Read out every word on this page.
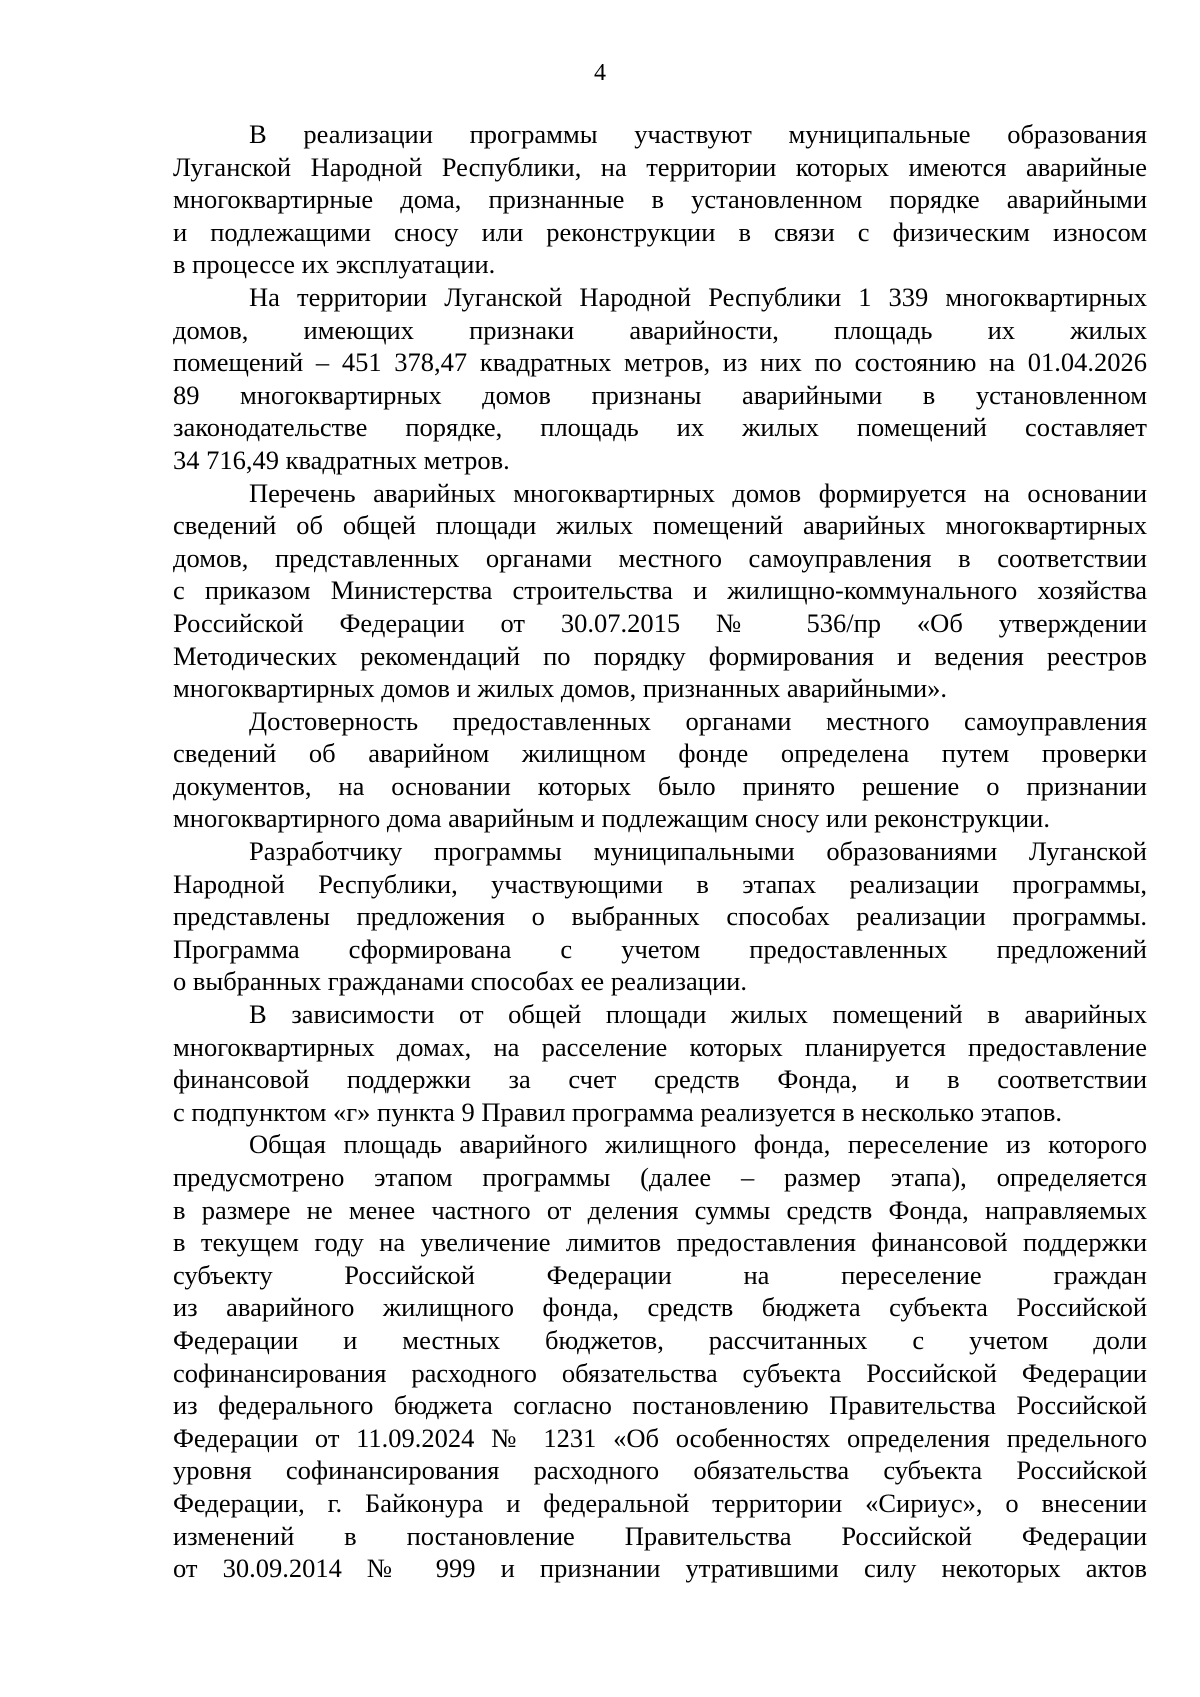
4
В реализации программы участвуют муниципальные образования
Луганской Народной Республики, на территории которых имеются аварийные
многоквартирные дома, признанные в установленном порядке аварийными
и подлежащими сносу или реконструкции в связи с физическим износом
в процессе их эксплуатации.
На территории Луганской Народной Республики 1 339 многоквартирных
домов, имеющих признаки аварийности, площадь их жилых
помещений – 451 378,47 квадратных метров, из них по состоянию на 01.04.2026
89 многоквартирных домов признаны аварийными в установленном
законодательстве порядке, площадь их жилых помещений составляет
34 716,49 квадратных метров.
Перечень аварийных многоквартирных домов формируется на основании
сведений об общей площади жилых помещений аварийных многоквартирных
домов, представленных органами местного самоуправления в соответствии
с приказом Министерства строительства и жилищно-коммунального хозяйства
Российской Федерации от 30.07.2015 № 536/пр «Об утверждении
Методических рекомендаций по порядку формирования и ведения реестров
многоквартирных домов и жилых домов, признанных аварийными».
Достоверность предоставленных органами местного самоуправления
сведений об аварийном жилищном фонде определена путем проверки
документов, на основании которых было принято решение о признании
многоквартирного дома аварийным и подлежащим сносу или реконструкции.
Разработчику программы муниципальными образованиями Луганской
Народной Республики, участвующими в этапах реализации программы,
представлены предложения о выбранных способах реализации программы.
Программа сформирована с учетом предоставленных предложений
о выбранных гражданами способах ее реализации.
В зависимости от общей площади жилых помещений в аварийных
многоквартирных домах, на расселение которых планируется предоставление
финансовой поддержки за счет средств Фонда, и в соответствии
с подпунктом «г» пункта 9 Правил программа реализуется в несколько этапов.
Общая площадь аварийного жилищного фонда, переселение из которого
предусмотрено этапом программы (далее – размер этапа), определяется
в размере не менее частного от деления суммы средств Фонда, направляемых
в текущем году на увеличение лимитов предоставления финансовой поддержки
субъекту Российской Федерации на переселение граждан
из аварийного жилищного фонда, средств бюджета субъекта Российской
Федерации и местных бюджетов, рассчитанных с учетом доли
софинансирования расходного обязательства субъекта Российской Федерации
из федерального бюджета согласно постановлению Правительства Российской
Федерации от 11.09.2024 № 1231 «Об особенностях определения предельного
уровня софинансирования расходного обязательства субъекта Российской
Федерации, г. Байконура и федеральной территории «Сириус», о внесении
изменений в постановление Правительства Российской Федерации
от 30.09.2014 № 999 и признании утратившими силу некоторых актов
